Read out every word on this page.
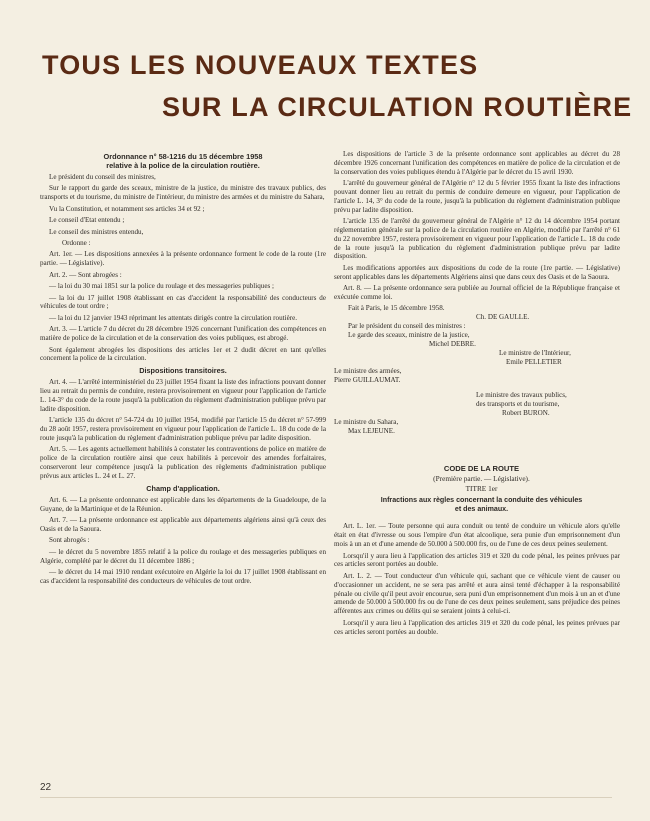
TOUS LES NOUVEAUX TEXTES
SUR LA CIRCULATION ROUTIÈRE
Ordonnance n° 58-1216 du 15 décembre 1958
relative à la police de la circulation routière.

Le président du conseil des ministres,

Sur le rapport du garde des sceaux, ministre de la justice, du ministre des travaux publics, des transports et du tourisme, du ministre de l'intérieur, du ministre des armées et du ministre du Sahara,

Vu la Constitution, et notamment ses articles 34 et 92 ;

Le conseil d'Etat entendu ;

Le conseil des ministres entendu,

Ordonne :

Art. 1er. — Les dispositions annexées à la présente ordonnance forment le code de la route (1re partie. — Législative).

Art. 2. — Sont abrogées :

— la loi du 30 mai 1851 sur la police du roulage et des messageries publiques ;

— la loi du 17 juillet 1908 établissant en cas d'accident la responsabilité des conducteurs de véhicules de tout ordre ;

— la loi du 12 janvier 1943 réprimant les attentats dirigés contre la circulation routière.

Art. 3. — L'article 7 du décret du 28 décembre 1926 concernant l'unification des compétences en matière de police de la circulation et de la conservation des voies publiques, est abrogé.

Sont également abrogées les dispositions des articles 1er et 2 dudit décret en tant qu'elles concernent la police de la circulation.

Dispositions transitoires.

Art. 4. — L'arrêté interministériel du 23 juillet 1954 fixant la liste des infractions pouvant donner lieu au retrait du permis de conduire, restera provisoirement en vigueur pour l'application de l'article L. 14-3° du code de la route jusqu'à la publication du règlement d'administration publique prévu par ladite disposition.

L'article 135 du décret n° 54-724 du 10 juillet 1954, modifié par l'article 15 du décret n° 57-999 du 28 août 1957, restera provisoirement en vigueur pour l'application de l'article L. 18 du code de la route jusqu'à la publication du règlement d'administration publique prévu par ladite disposition.

Art. 5. — Les agents actuellement habilités à constater les contraventions de police en matière de police de la circulation routière ainsi que ceux habilités à percevoir des amendes forfaitaires, conserveront leur compétence jusqu'à la publication des règlements d'administration publique prévus aux articles L. 24 et L. 27.

Champ d'application.

Art. 6. — La présente ordonnance est applicable dans les départements de la Guadeloupe, de la Guyane, de la Martinique et de la Réunion.

Art. 7. — La présente ordonnance est applicable aux départements algériens ainsi qu'à ceux des Oasis et de la Saoura.

Sont abrogés :

— le décret du 5 novembre 1855 relatif à la police du roulage et des messageries publiques en Algérie, complété par le décret du 11 décembre 1886 ;

— le décret du 14 mai 1910 rendant exécutoire en Algérie la loi du 17 juillet 1908 établissant en cas d'accident la responsabilité des conducteurs de véhicules de tout ordre.

Les dispositions de l'article 3 de la présente ordonnance sont applicables au décret du 28 décembre 1926 concernant l'unification des compétences en matière de police de la circulation et de la conservation des voies publiques étendu à l'Algérie par le décret du 15 avril 1930.

L'arrêté du gouverneur général de l'Algérie n° 12 du 5 février 1955 fixant la liste des infractions pouvant donner lieu au retrait du permis de conduire demeure en vigueur, pour l'application de l'article L. 14, 3° du code de la route, jusqu'à la publication du règlement d'administration publique prévu par ladite disposition.

L'article 135 de l'arrêté du gouverneur général de l'Algérie n° 12 du 14 décembre 1954 portant réglementation générale sur la police de la circulation routière en Algérie, modifié par l'arrêté n° 61 du 22 novembre 1957, restera provisoirement en vigueur pour l'application de l'article L. 18 du code de la route jusqu'à la publication du règlement d'administration publique prévu par ladite disposition.

Les modifications apportées aux dispositions du code de la route (1re partie. — Législative) seront applicables dans les départements Algériens ainsi que dans ceux des Oasis et de la Saoura.

Art. 8. — La présente ordonnance sera publiée au Journal officiel de la République française et exécutée comme loi.

Fait à Paris, le 15 décembre 1958.
Ch. DE GAULLE.
Par le président du conseil des ministres :
Le garde des sceaux, ministre de la justice,
Michel DEBRE.
Le ministre de l'Intérieur,
Emile PELLETIER
Le ministre des armées,
Pierre GUILLAUMAT.
Le ministre des travaux publics,
des transports et du tourisme,
Robert BURON.
Le ministre du Sahara,
Max LEJEUNE.

CODE DE LA ROUTE

(Première partie. — Législative).

TITRE 1er

Infractions aux règles concernant la conduite des véhicules

et des animaux.

Art. L. 1er. — Toute personne qui aura conduit ou tenté de conduire un véhicule alors qu'elle était en état d'ivresse ou sous l'empire d'un état alcoolique, sera punie d'un emprisonnement d'un mois à un an et d'une amende de 50.000 à 500.000 frs, ou de l'une de ces deux peines seulement.

Lorsqu'il y aura lieu à l'application des articles 319 et 320 du code pénal, les peines prévues par ces articles seront portées au double.

Art. L. 2. — Tout conducteur d'un véhicule qui, sachant que ce véhicule vient de causer ou d'occasionner un accident, ne se sera pas arrêté et aura ainsi tenté d'échapper à la responsabilité pénale ou civile qu'il peut avoir encourue, sera puni d'un emprisonnement d'un mois à un an et d'une amende de 50.000 à 500.000 frs ou de l'une de ces deux peines seulement, sans préjudice des peines afférentes aux crimes ou délits qui se seraient joints à celui-ci.

Lorsqu'il y aura lieu à l'application des articles 319 et 320 du code pénal, les peines prévues par ces articles seront portées au double.

22
